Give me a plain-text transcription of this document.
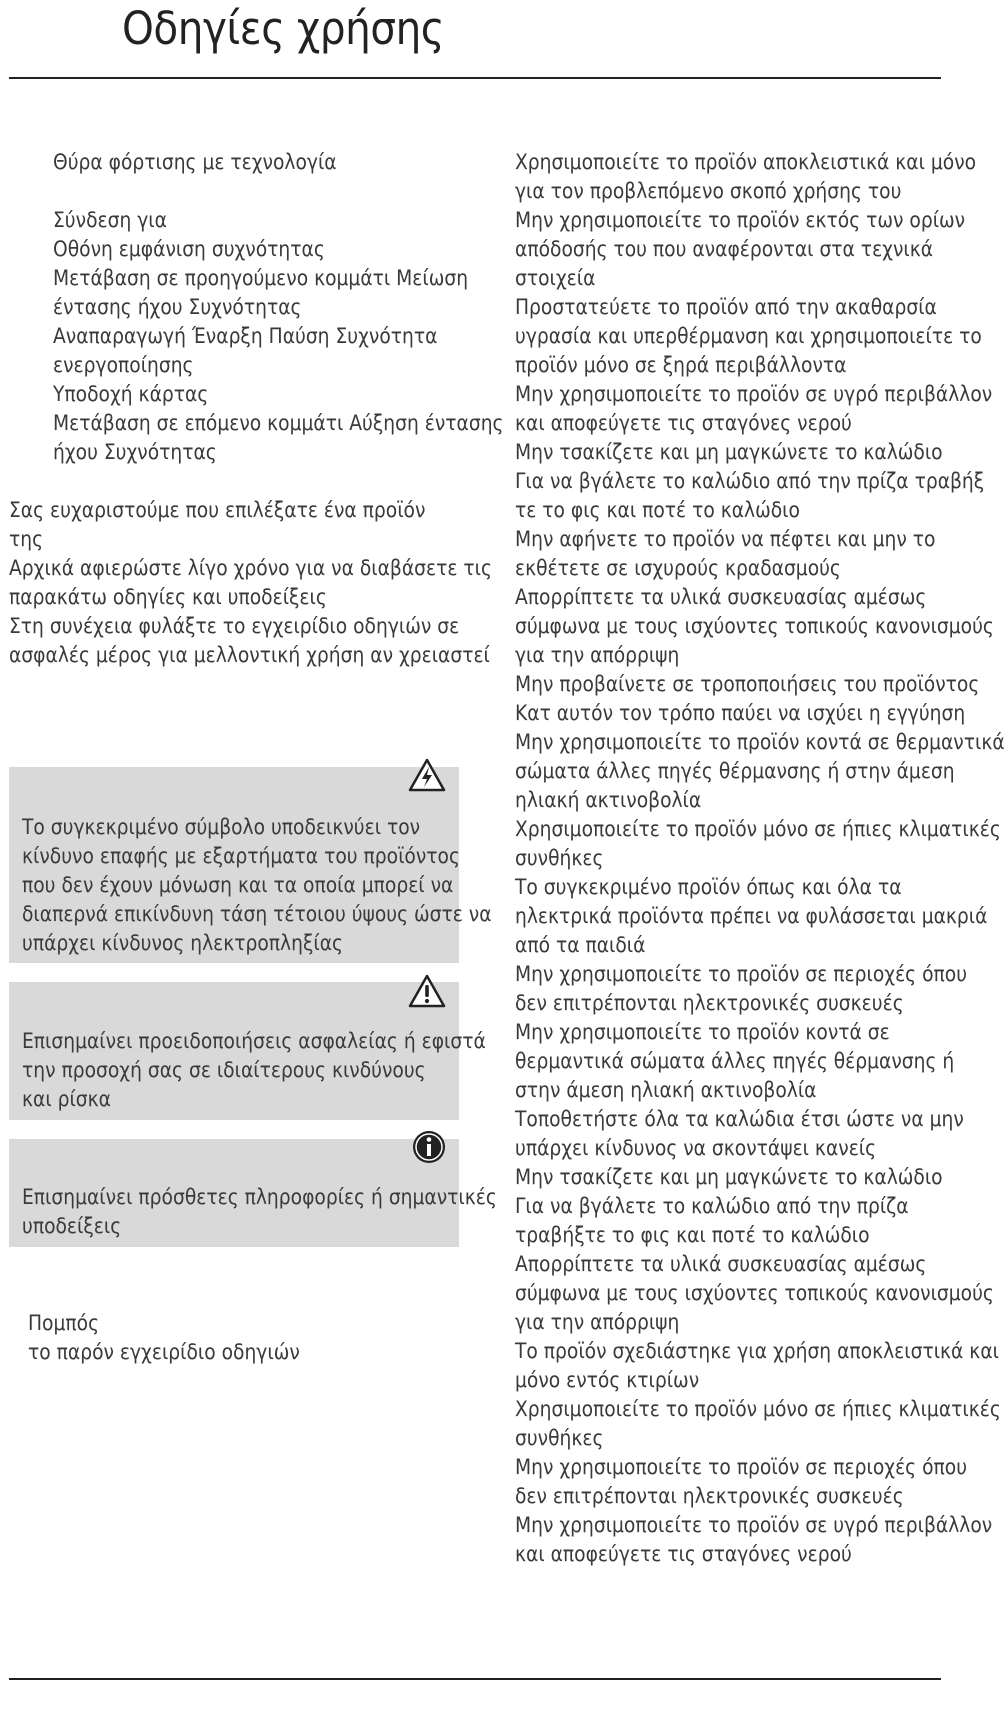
Οδηγίες χρήσης
Θύρα φόρτισης με τεχνολογία
Σύνδεση για
Οθόνη εμφάνιση συχνότητας
Μετάβαση σε προηγούμενο κομμάτι Μείωση
έντασης ήχου Συχνότητας
Αναπαραγωγή Έναρξη Παύση Συχνότητα
ενεργοποίησης
Υποδοχή κάρτας
Μετάβαση σε επόμενο κομμάτι Αύξηση έντασης
ήχου Συχνότητας
Σας ευχαριστούμε που επιλέξατε ένα προϊόν
της
Αρχικά αφιερώστε λίγο χρόνο για να διαβάσετε τις
παρακάτω οδηγίες και υποδείξεις
Στη συνέχεια φυλάξτε το εγχειρίδιο οδηγιών σε
ασφαλές μέρος για μελλοντική χρήση αν χρειαστεί
Το συγκεκριμένο σύμβολο υποδεικνύει τον
κίνδυνο επαφής με εξαρτήματα του προϊόντος
που δεν έχουν μόνωση και τα οποία μπορεί να
διαπερνά επικίνδυνη τάση τέτοιου ύψους ώστε να
υπάρχει κίνδυνος ηλεκτροπληξίας
Επισημαίνει προειδοποιήσεις ασφαλείας ή εφιστά
την προσοχή σας σε ιδιαίτερους κινδύνους
και ρίσκα
Επισημαίνει πρόσθετες πληροφορίες ή σημαντικές
υποδείξεις
Πομπός
το παρόν εγχειρίδιο οδηγιών
Χρησιμοποιείτε το προϊόν αποκλειστικά και μόνο
για τον προβλεπόμενο σκοπό χρήσης του
Μην χρησιμοποιείτε το προϊόν εκτός των ορίων
απόδοσής του που αναφέρονται στα τεχνικά
στοιχεία
Προστατεύετε το προϊόν από την ακαθαρσία
υγρασία και υπερθέρμανση και χρησιμοποιείτε το
προϊόν μόνο σε ξηρά περιβάλλοντα
Μην χρησιμοποιείτε το προϊόν σε υγρό περιβάλλον
και αποφεύγετε τις σταγόνες νερού
Μην τσακίζετε και μη μαγκώνετε το καλώδιο
Για να βγάλετε το καλώδιο από την πρίζα τραβήξ
τε το φις και ποτέ το καλώδιο
Μην αφήνετε το προϊόν να πέφτει και μην το
εκθέτετε σε ισχυρούς κραδασμούς
Απορρίπτετε τα υλικά συσκευασίας αμέσως
σύμφωνα με τους ισχύοντες τοπικούς κανονισμούς
για την απόρριψη
Μην προβαίνετε σε τροποποιήσεις του προϊόντος
Κατ αυτόν τον τρόπο παύει να ισχύει η εγγύηση
Μην χρησιμοποιείτε το προϊόν κοντά σε θερμαντικά
σώματα άλλες πηγές θέρμανσης ή στην άμεση
ηλιακή ακτινοβολία
Χρησιμοποιείτε το προϊόν μόνο σε ήπιες κλιματικές
συνθήκες
Το συγκεκριμένο προϊόν όπως και όλα τα
ηλεκτρικά προϊόντα πρέπει να φυλάσσεται μακριά
από τα παιδιά
Μην χρησιμοποιείτε το προϊόν σε περιοχές όπου
δεν επιτρέπονται ηλεκτρονικές συσκευές
Μην χρησιμοποιείτε το προϊόν κοντά σε
θερμαντικά σώματα άλλες πηγές θέρμανσης ή
στην άμεση ηλιακή ακτινοβολία
Τοποθετήστε όλα τα καλώδια έτσι ώστε να μην
υπάρχει κίνδυνος να σκοντάψει κανείς
Μην τσακίζετε και μη μαγκώνετε το καλώδιο
Για να βγάλετε το καλώδιο από την πρίζα
τραβήξτε το φις και ποτέ το καλώδιο
Απορρίπτετε τα υλικά συσκευασίας αμέσως
σύμφωνα με τους ισχύοντες τοπικούς κανονισμούς
για την απόρριψη
Το προϊόν σχεδιάστηκε για χρήση αποκλειστικά και
μόνο εντός κτιρίων
Χρησιμοποιείτε το προϊόν μόνο σε ήπιες κλιματικές
συνθήκες
Μην χρησιμοποιείτε το προϊόν σε περιοχές όπου
δεν επιτρέπονται ηλεκτρονικές συσκευές
Μην χρησιμοποιείτε το προϊόν σε υγρό περιβάλλον
και αποφεύγετε τις σταγόνες νερού
